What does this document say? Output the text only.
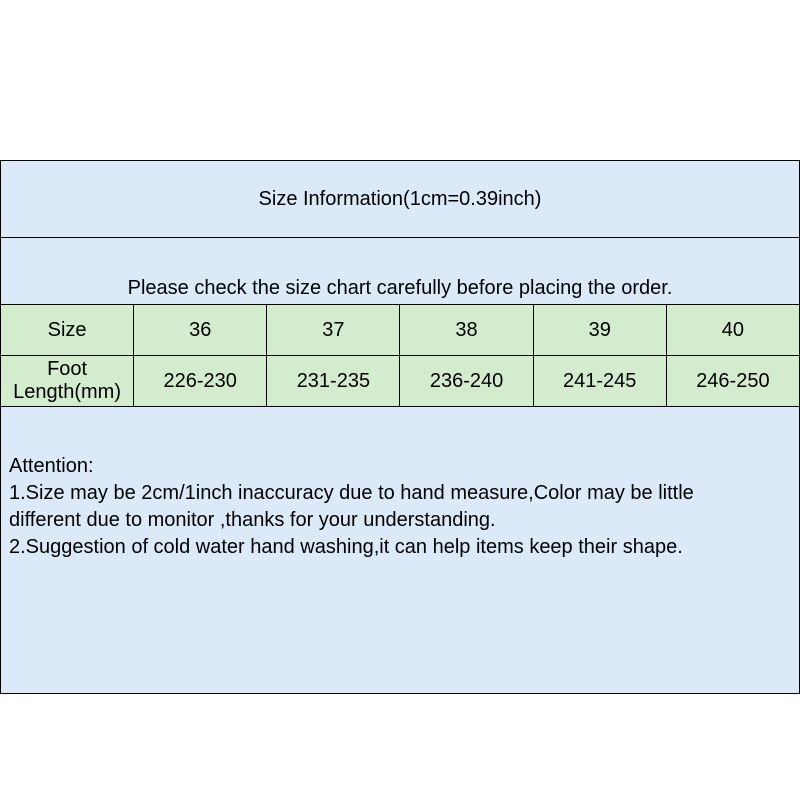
Size Information(1cm=0.39inch)					
Please check the size chart carefully before placing the order.					
Size	36	37	38	39	40
Foot Length(mm)	226-230	231-235	236-240	241-245	246-250

Attention:
1.Size may be 2cm/1inch inaccuracy due to hand measure,Color may be little
different due to monitor ,thanks for your understanding.
2.Suggestion of cold water hand washing,it can help items keep their shape.					
